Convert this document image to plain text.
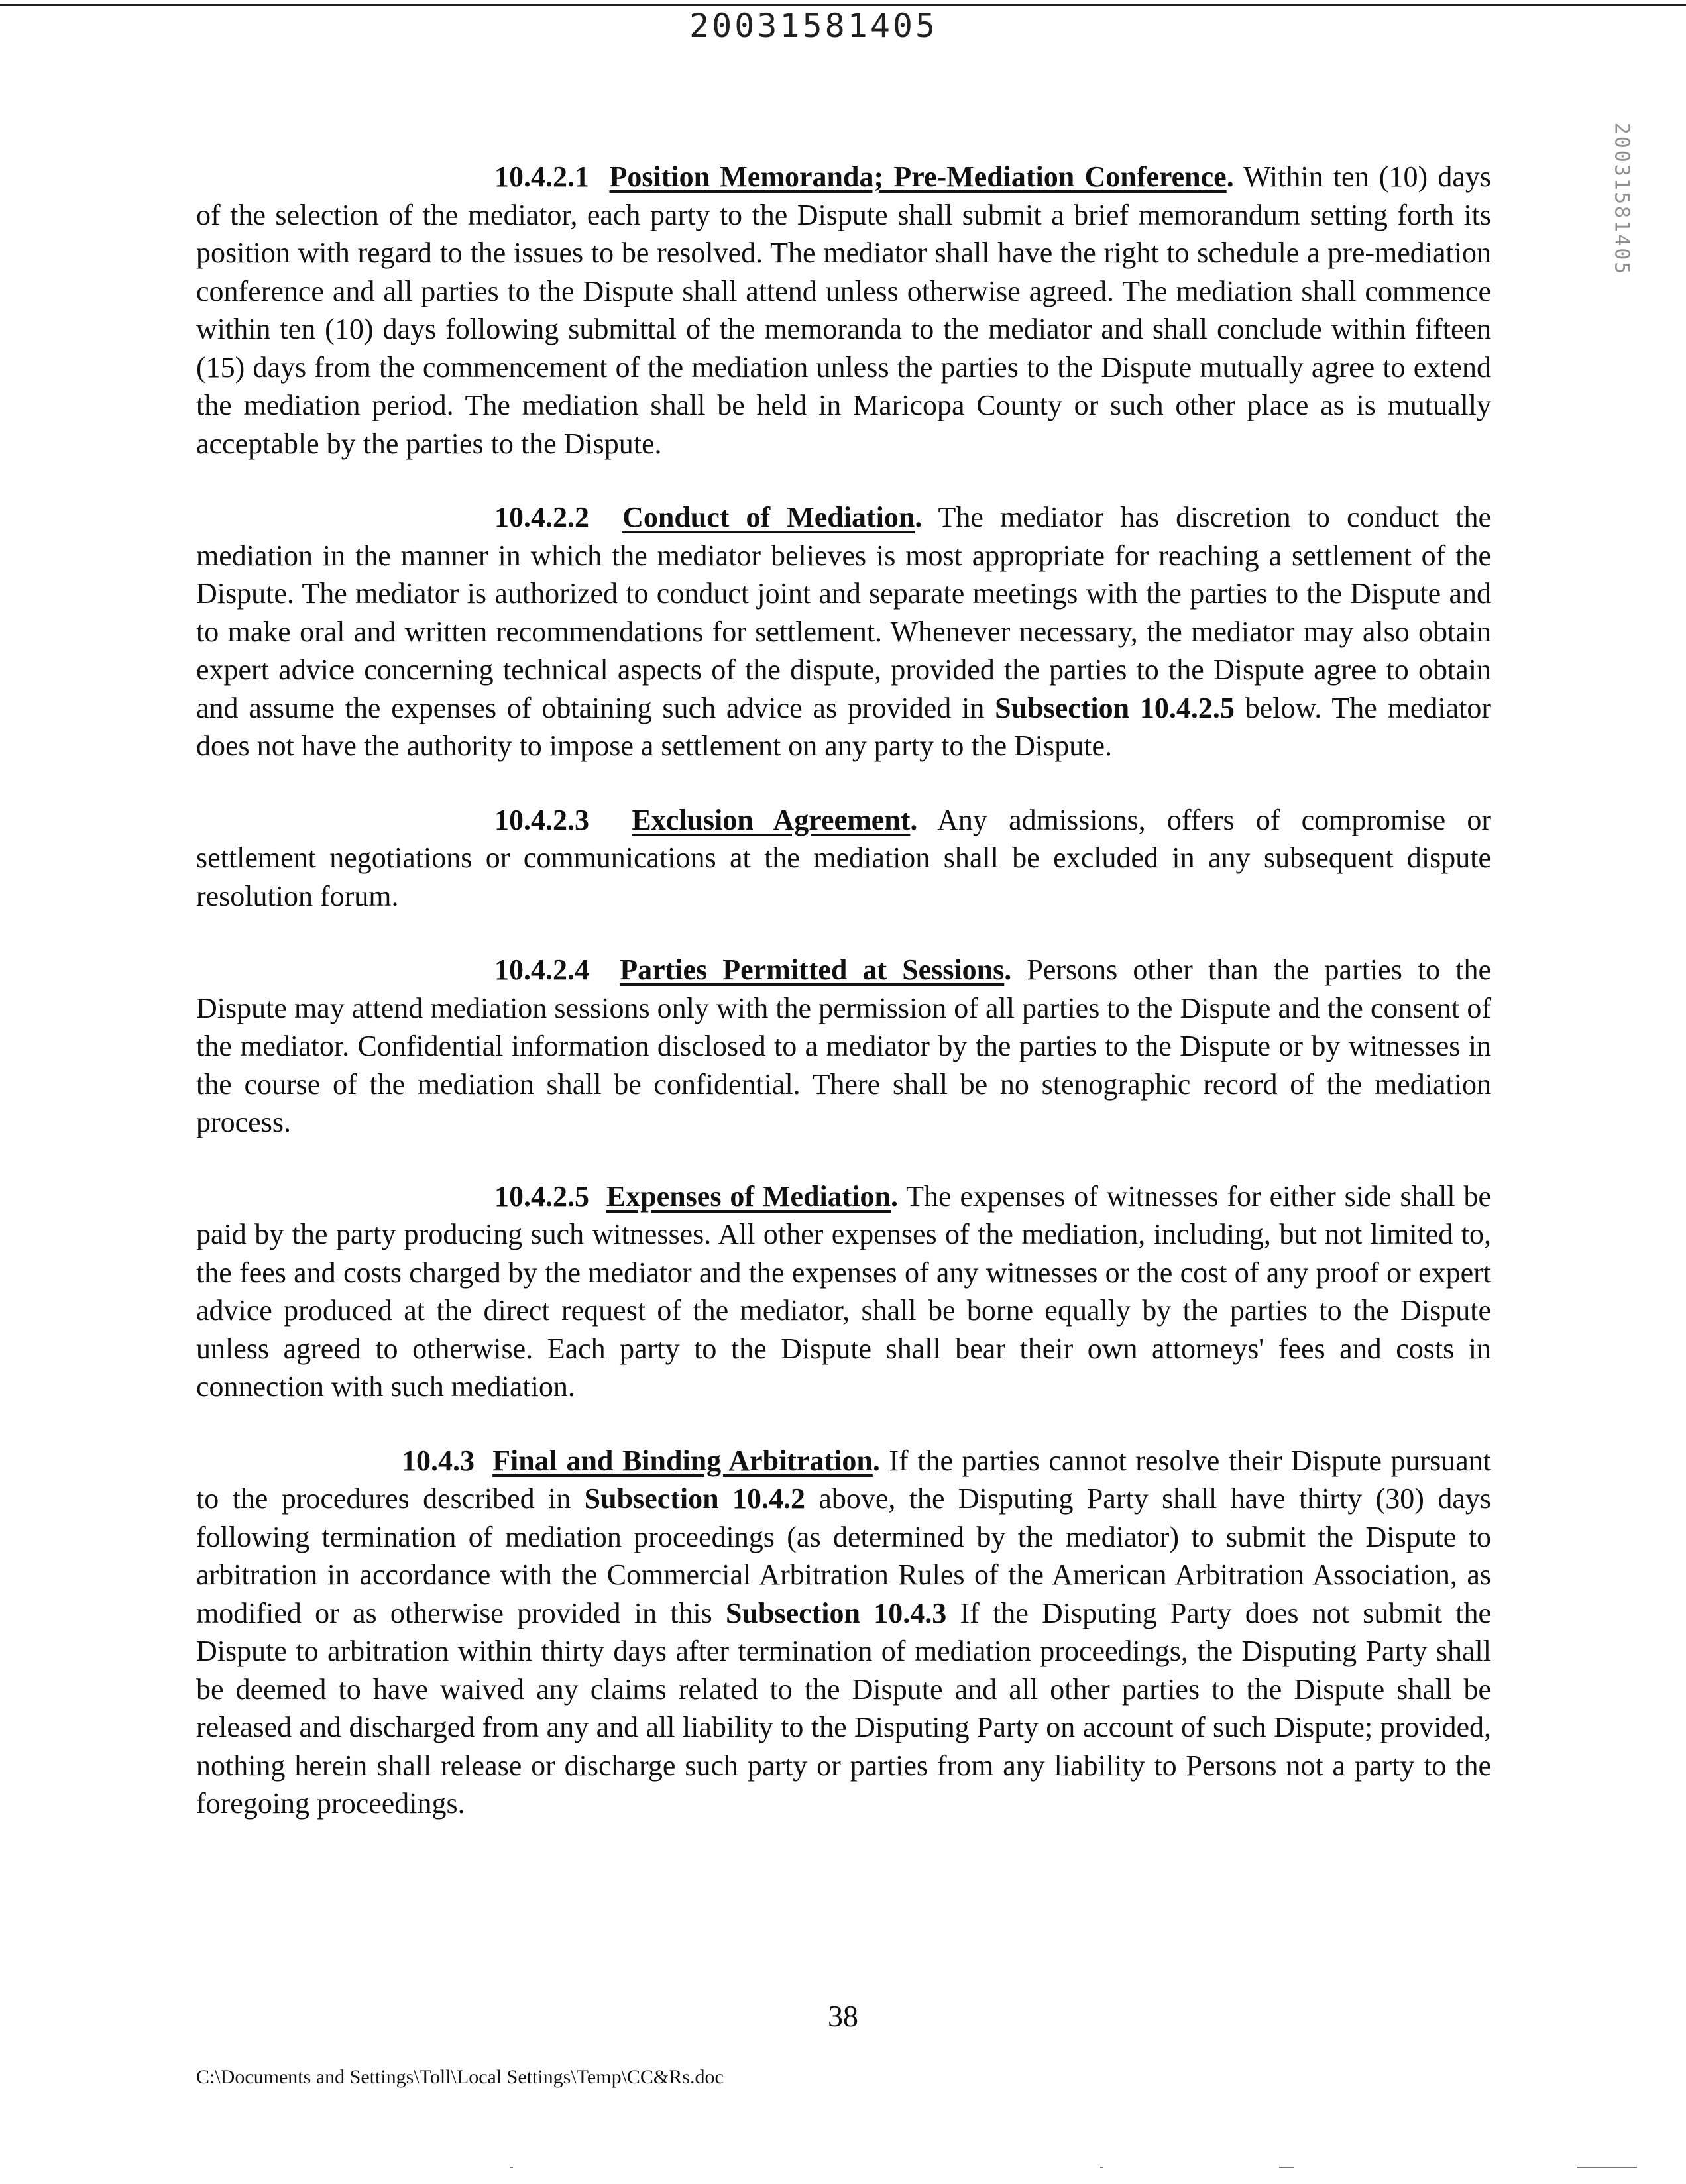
20031581405
20031581405

10.4.2.1 Position Memoranda; Pre-Mediation Conference. Within ten (10) days of the selection of the mediator, each party to the Dispute shall submit a brief memorandum setting forth its position with regard to the issues to be resolved. The mediator shall have the right to schedule a pre-mediation conference and all parties to the Dispute shall attend unless otherwise agreed. The mediation shall commence within ten (10) days following submittal of the memoranda to the mediator and shall conclude within fifteen (15) days from the commencement of the mediation unless the parties to the Dispute mutually agree to extend the mediation period. The mediation shall be held in Maricopa County or such other place as is mutually acceptable by the parties to the Dispute.

10.4.2.2 Conduct of Mediation. The mediator has discretion to conduct the mediation in the manner in which the mediator believes is most appropriate for reaching a settlement of the Dispute. The mediator is authorized to conduct joint and separate meetings with the parties to the Dispute and to make oral and written recommendations for settlement. Whenever necessary, the mediator may also obtain expert advice concerning technical aspects of the dispute, provided the parties to the Dispute agree to obtain and assume the expenses of obtaining such advice as provided in Subsection 10.4.2.5 below. The mediator does not have the authority to impose a settlement on any party to the Dispute.

10.4.2.3 Exclusion Agreement. Any admissions, offers of compromise or settlement negotiations or communications at the mediation shall be excluded in any subsequent dispute resolution forum.

10.4.2.4 Parties Permitted at Sessions. Persons other than the parties to the Dispute may attend mediation sessions only with the permission of all parties to the Dispute and the consent of the mediator. Confidential information disclosed to a mediator by the parties to the Dispute or by witnesses in the course of the mediation shall be confidential. There shall be no stenographic record of the mediation process.

10.4.2.5 Expenses of Mediation. The expenses of witnesses for either side shall be paid by the party producing such witnesses. All other expenses of the mediation, including, but not limited to, the fees and costs charged by the mediator and the expenses of any witnesses or the cost of any proof or expert advice produced at the direct request of the mediator, shall be borne equally by the parties to the Dispute unless agreed to otherwise. Each party to the Dispute shall bear their own attorneys' fees and costs in connection with such mediation.

10.4.3 Final and Binding Arbitration. If the parties cannot resolve their Dispute pursuant to the procedures described in Subsection 10.4.2 above, the Disputing Party shall have thirty (30) days following termination of mediation proceedings (as determined by the mediator) to submit the Dispute to arbitration in accordance with the Commercial Arbitration Rules of the American Arbitration Association, as modified or as otherwise provided in this Subsection 10.4.3 If the Disputing Party does not submit the Dispute to arbitration within thirty days after termination of mediation proceedings, the Disputing Party shall be deemed to have waived any claims related to the Dispute and all other parties to the Dispute shall be released and discharged from any and all liability to the Disputing Party on account of such Dispute; provided, nothing herein shall release or discharge such party or parties from any liability to Persons not a party to the foregoing proceedings.

38
C:\Documents and Settings\Toll\Local Settings\Temp\CC&Rs.doc
